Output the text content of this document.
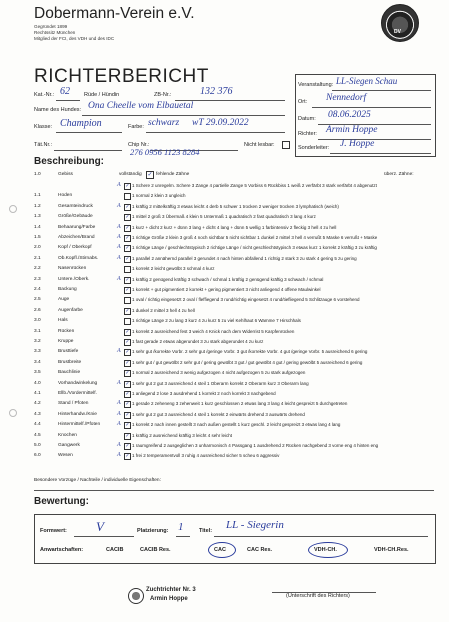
Dobermann-Verein e.V.
Gegründet 1899
Rechtssitz München
Mitglied der FCI, des VDH und des IDC
DV
RICHTERBERICHT
Kat.-Nr.: 62	Rüde / Hündin	ZB-Nr.:	132 376
Name des Hundes: Ona Cheelle vom Elbauetal
Klasse: Champion	Farbe: schwarz wT 29.09.2022
Tät.Nr.:	Chip Nr.:
276 0956 1123 8284
Nicht lesbar:
Veranstaltung: LL-Siegen Schau
Ort: Nennedorf
Datum: 08.06.2025
Richter: Armin Hoppe
Sonderleiter: J. Hoppe
Beschreibung:
1.0	Gebiss	vollständig ✓ fehlende Zähne	überz. Zähne:
A ✓ 1 Schere 2 unregelm. Schere 3 Zange 4 partielle Zange 5 Vorbiss 6 Rückbiss 1 weiß 2 verfärbt 3 stark verfärbt 4 abgenutzt
1.1	Hoden	1 normal 2 klein 3 ungleich
1.2	Gesamteindruck	A ✓ 1 kräftig 2 mittelkräftig 3 etwas leicht 4 derb 5 schwer 1 trocken 2 weniger trocken 3 lymphatisch (weich)
1.3	Größe/Gebäude	✓ 1 mittel 2 groß 3 Übermaß 4 klein 5 Untermaß 1 quadratisch 2 fast quadratisch 3 lang 4 kurz
1.4	Behaarung/Farbe	A ✓ 1 kurz + dicht 2 kurz + dünn 3 lang + dicht 4 lang + dünn 5 wellig 1 farbintensiv 2 fleckig 3 hell 4 zu hell
1.5	Abzeichen/Brand	A ✓ 1 richtige Größe 2 klein 3 groß 4 noch sichtbar 5 nicht sichtbar 1 dunkel 2 mittel 3 hell 4 verrußt 5 Maske 6 verrußt + Maske
2.0	Kopf / Oberkopf	A ✓ 1 richtige Länge / geschlechtstypisch 2 richtige Länge / nicht geschlechtstypisch 3 etwas kurz 1 korrekt 2 kräftig 3 zu kräftig
2.1	Ob.Kopfl./Stirnabs.	A ✓ 1 parallel 2 annähernd parallel 3 gerundet 4 nach hinten abfallend 1 richtig 2 stark 3 zu stark 4 gering 5 zu gering
2.2	Nasenrücken	1 korrekt 2 leicht gewölbt 3 schmal 4 kurz
2.3	Untere./Oberk.	A ✓ 1 kräftig 2 genügend kräftig 3 schwach / schmal 1 kräftig 2 genügend kräftig 3 schwach / schmal
2.4	Backung	✓ 1 korrekt + gut pigmentiert 2 korrekt + gering pigmentiert 3 nicht anliegend 4 offene Maulwinkel
2.5	Auge	1 oval / richtig eingesetzt 2 oval / fleffiegend 3 rund/richtig eingesetzt 4 rund/tiefliegend 5 Schlitzauge 6 vorstehend
2.6	Augenfarbe	✓ 1 dunkel 2 mittel 3 hell 4 zu hell
3.0	Hals	1 richtige Länge 2 zu lang 3 kurz 4 zu kurz 5 zu viel Kehlhaut 6 Wamme 7 Hirschhals
3.1	Rücken	✓ 1 korrekt 2 ausreichend fest 3 weich 4 Knick nach dem Widerrist 5 Karpfenrücken
3.2	Kruppe	✓ 1 fast gerade 2 etwas abgerundet 3 zu stark abgerundet 4 zu kurz
3.3	Brusttiefe	A ✓ 1 sehr gut /korrekte Vorbr. 2 sehr gut /geringe Vorbr. 3 gut /korrekte Vorbr. 4 gut /geringe Vorbr. 5 ausreichend 6 gering
3.4	Brustbreite	✓ 1 sehr gut / gut gewölbt 2 sehr gut / gering gewölbt 3 gut / gut gewölbt 4 gut / gering gewölbt 5 ausreichend 6 gering
3.5	Bauchlinie	✓ 1 normal 2 ausreichend 3 wenig aufgezogen 4 nicht aufgezogen 5 zu stark aufgezogen
4.0	Vorhandwinkelung	A ✓ 1 sehr gut 2 gut 3 ausreichend 4 steil 1 Oberarm korrekt 2 Oberarm kurz 3 Oberarm lang
4.1	Ellb./Vordermittelf.	✓ 1 anliegend 2 lose 3 ausdrehend 1 korrekt 2 noch korrekt 3 nachgebend
4.2	Stand / Pfoten	A ✓ 1 gerade 2 zeheneng 3 zehenweit 1 kurz geschlossen 2 etwas lang 3 lang 4 leicht gespreizt 5 durchgetreten
4.3	Hinterhandw./Knie	A ✓ 1 sehr gut 2 gut 3 ausreichend 4 steil 1 korrekt 2 einwärts drehend 3 auswärts drehend
4.4	Hintermittelf./Pfoten	A ✓ 1 korrekt 2 nach innen gestellt 3 nach außen gestellt 1 kurz geschl. 2 leicht gespreizt 3 etwas lang 4 lang
4.5	Knochen	✓ 1 kräftig 2 ausreichend kräftig 3 leicht 4 sehr leicht
5.0	Gangwerk	A ✓ 1 raumgreifend 2 ausgeglichen 3 unharmonisch 4 Passgang 1 ausdrehend 2 Rücken nachgebend 3 vorne eng 4 hinten eng
6.0	Wesen	A ✓ 1 frei 2 temperamentvoll 3 ruhig 4 ausreichend sicher 5 scheu 6 aggressiv
Besondere Vorzüge / Nachteile / individuelle Eigenschaften:
Bewertung:
Formwert: V	Platzierung: 1	Titel: LL - Siegerin
Anwartschaften:	CACIB	CACIB Res.	CAC	CAC Res.	VDH-CH.	VDH-CH.Res.
Zuchtrichter Nr. 3
Armin Hoppe	(Unterschrift des Richters)
